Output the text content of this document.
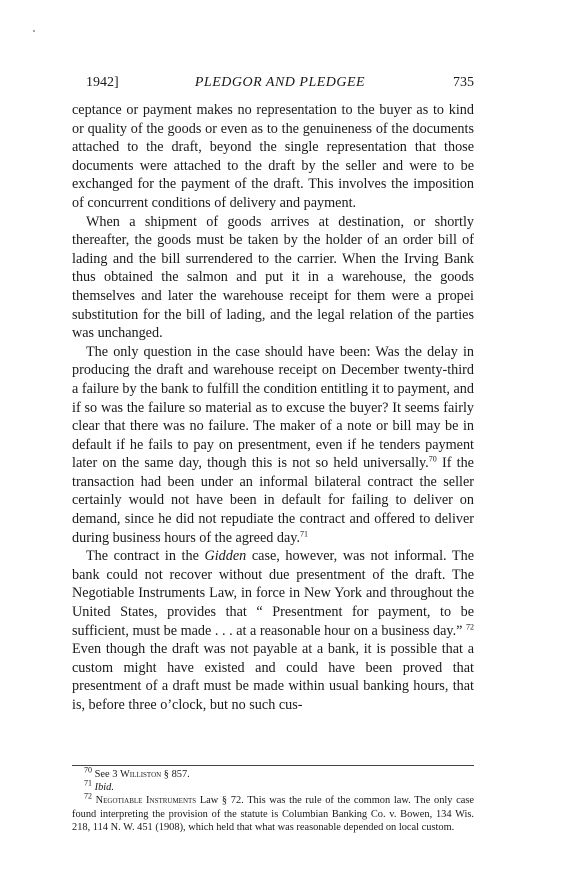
1942]	PLEDGOR AND PLEDGEE	735

ceptance or payment makes no representation to the buyer as to kind or quality of the goods or even as to the genuineness of the documents attached to the draft, beyond the single representation that those documents were attached to the draft by the seller and were to be exchanged for the payment of the draft. This involves the imposition of concurrent conditions of delivery and payment.

When a shipment of goods arrives at destination, or shortly thereafter, the goods must be taken by the holder of an order bill of lading and the bill surrendered to the carrier. When the Irving Bank thus obtained the salmon and put it in a warehouse, the goods themselves and later the warehouse receipt for them were a propei substitution for the bill of lading, and the legal relation of the parties was unchanged.

The only question in the case should have been: Was the delay in producing the draft and warehouse receipt on December twenty-third a failure by the bank to fulfill the condition entitling it to payment, and if so was the failure so material as to excuse the buyer? It seems fairly clear that there was no failure. The maker of a note or bill may be in default if he fails to pay on presentment, even if he tenders payment later on the same day, though this is not so held universally.$^{70}$ If the transaction had been under an informal bilateral contract the seller certainly would not have been in default for failing to deliver on demand, since he did not repudiate the contract and offered to deliver during business hours of the agreed day.$^{71}$

The contract in the Gidden case, however, was not informal. The bank could not recover without due presentment of the draft. The Negotiable Instruments Law, in force in New York and throughout the United States, provides that “ Presentment for payment, to be sufficient, must be made . . . at a reasonable hour on a business day.” $^{72}$ Even though the draft was not payable at a bank, it is possible that a custom might have existed and could have been proved that presentment of a draft must be made within usual banking hours, that is, before three o’clock, but no such cus-

$^{70}$ See 3 Williston § 857.

$^{71}$ Ibid.

$^{72}$ Negotiable Instruments Law § 72. This was the rule of the common law. The only case found interpreting the provision of the statute is Columbian Banking Co. v. Bowen, 134 Wis. 218, 114 N. W. 451 (1908), which held that what was reasonable depended on local custom.
